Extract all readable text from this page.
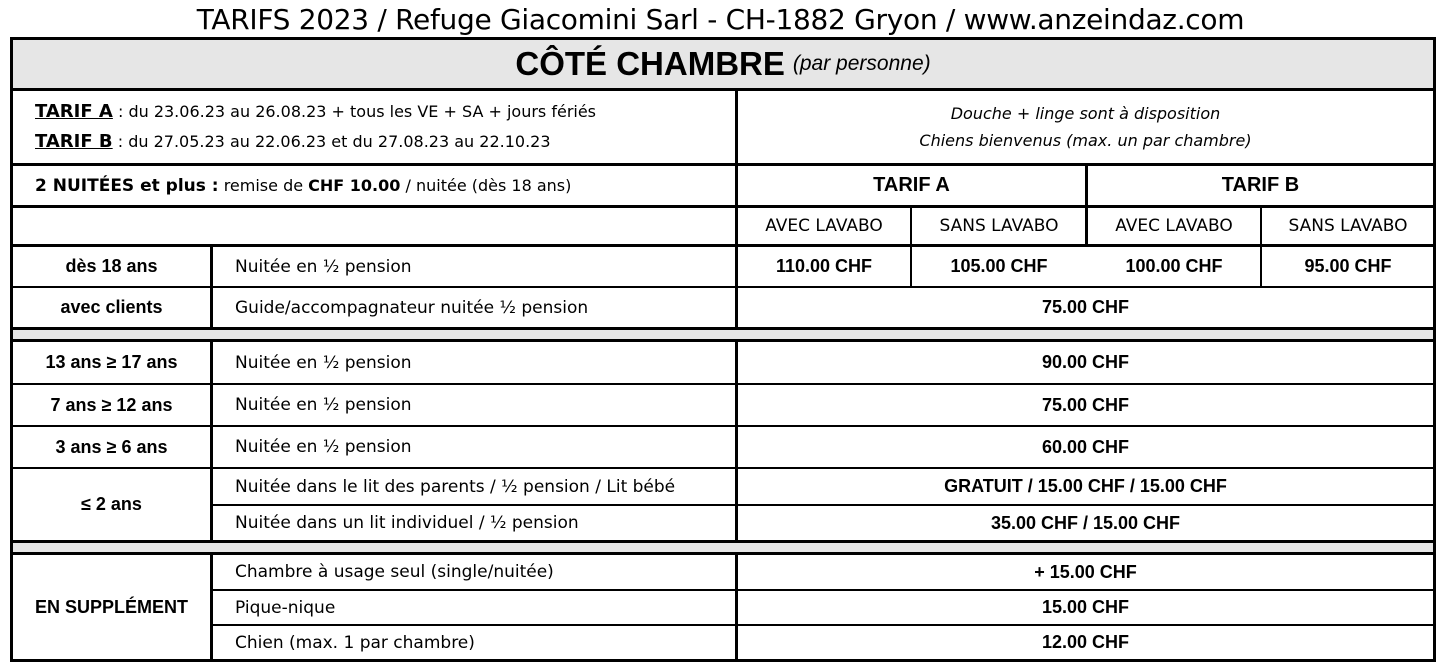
TARIFS 2023 / Refuge Giacomini Sarl - CH-1882 Gryon / www.anzeindaz.com
CÔTÉ CHAMBRE (par personne)
TARIF A : du 23.06.23 au 26.08.23 + tous les VE + SA + jours fériés
TARIF B : du 27.05.23 au 22.06.23 et du 27.08.23 au 22.10.23
Douche + linge sont à disposition
Chiens bienvenus (max. un par chambre)
2 NUITÉES et plus : remise de CHF 10.00 / nuitée (dès 18 ans)	TARIF A	TARIF B
AVEC LAVABO	SANS LAVABO	AVEC LAVABO	SANS LAVABO
dès 18 ans	Nuitée en ½ pension	110.00 CHF	105.00 CHF	100.00 CHF	95.00 CHF
avec clients	Guide/accompagnateur nuitée ½ pension	75.00 CHF
13 ans ≥ 17 ans	Nuitée en ½ pension	90.00 CHF
7 ans ≥ 12 ans	Nuitée en ½ pension	75.00 CHF
3 ans ≥ 6 ans	Nuitée en ½ pension	60.00 CHF
≤ 2 ans
Nuitée dans le lit des parents / ½ pension / Lit bébé	GRATUIT / 15.00 CHF / 15.00 CHF
Nuitée dans un lit individuel / ½ pension	35.00 CHF / 15.00 CHF
EN SUPPLÉMENT
Chambre à usage seul (single/nuitée)	+ 15.00 CHF
Pique-nique	15.00 CHF
Chien (max. 1 par chambre)	12.00 CHF
